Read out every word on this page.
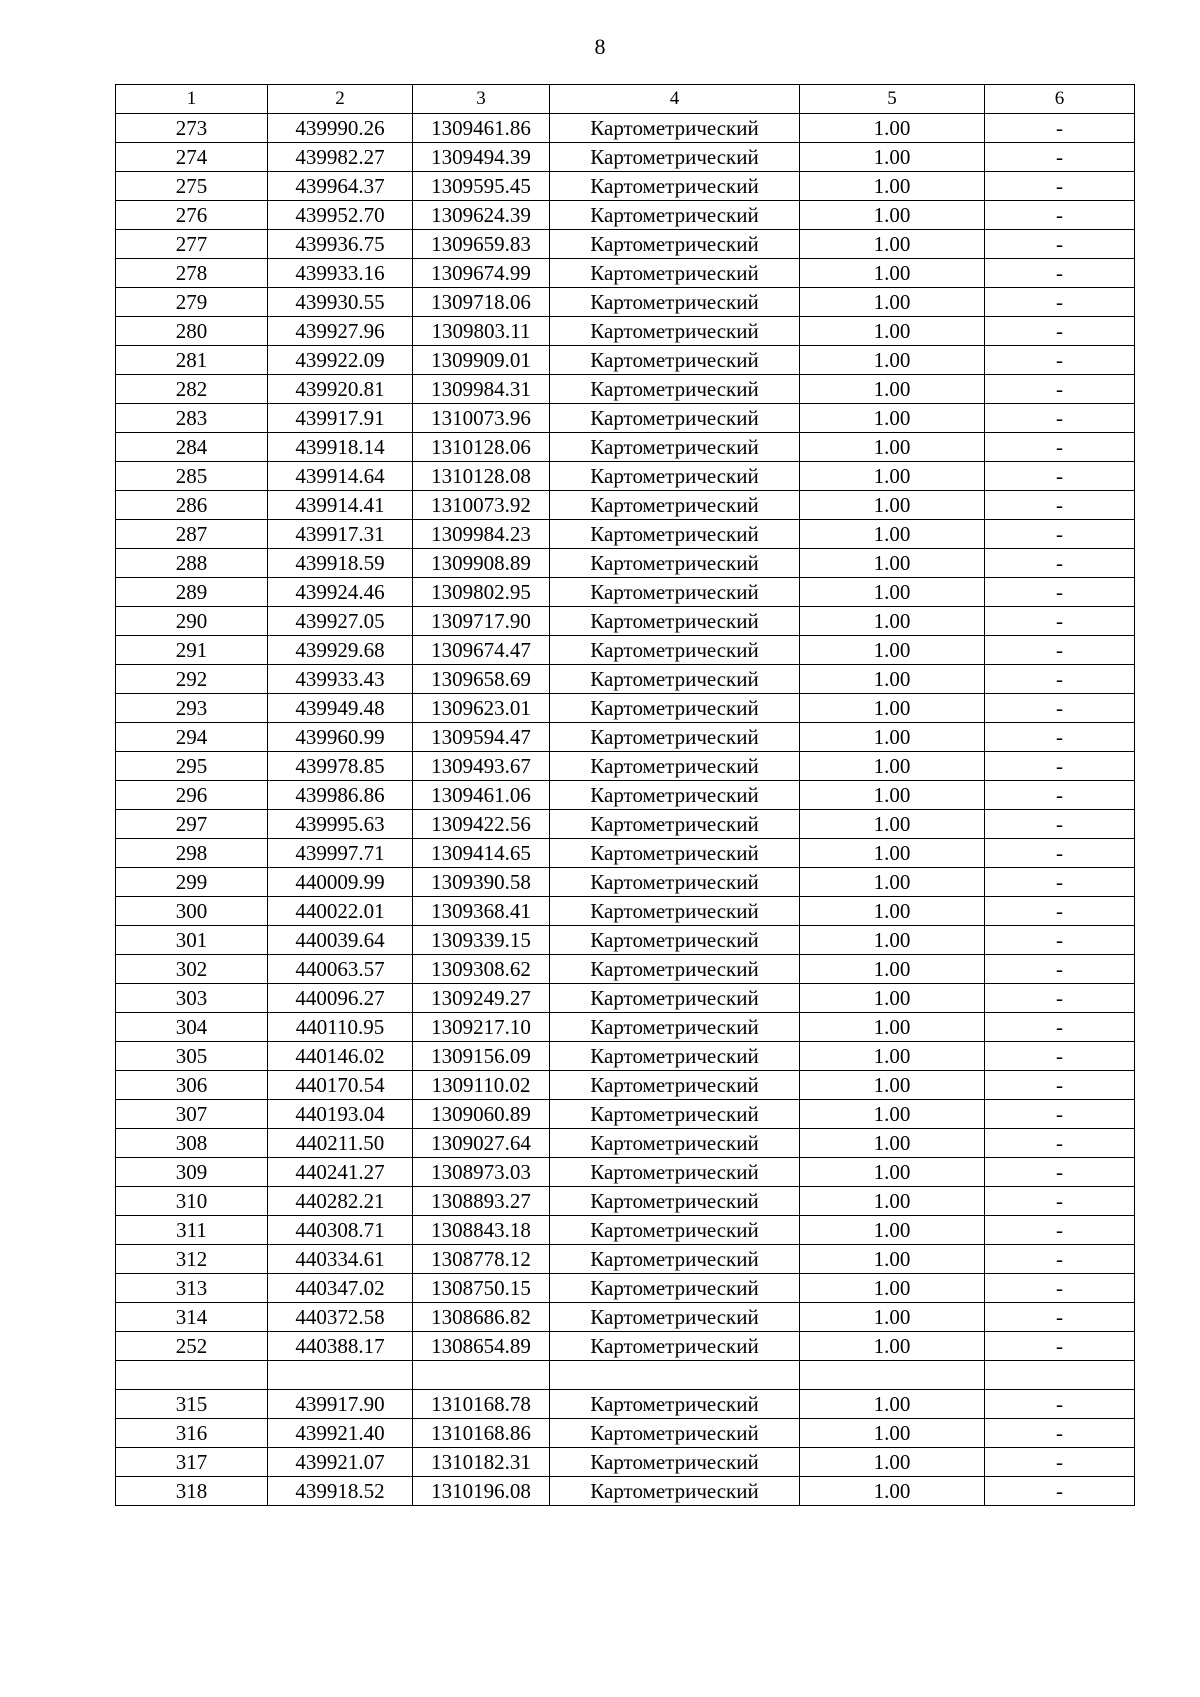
8
1	2	3	4	5	6
273	439990.26	1309461.86	Картометрический	1.00	-
274	439982.27	1309494.39	Картометрический	1.00	-
275	439964.37	1309595.45	Картометрический	1.00	-
276	439952.70	1309624.39	Картометрический	1.00	-
277	439936.75	1309659.83	Картометрический	1.00	-
278	439933.16	1309674.99	Картометрический	1.00	-
279	439930.55	1309718.06	Картометрический	1.00	-
280	439927.96	1309803.11	Картометрический	1.00	-
281	439922.09	1309909.01	Картометрический	1.00	-
282	439920.81	1309984.31	Картометрический	1.00	-
283	439917.91	1310073.96	Картометрический	1.00	-
284	439918.14	1310128.06	Картометрический	1.00	-
285	439914.64	1310128.08	Картометрический	1.00	-
286	439914.41	1310073.92	Картометрический	1.00	-
287	439917.31	1309984.23	Картометрический	1.00	-
288	439918.59	1309908.89	Картометрический	1.00	-
289	439924.46	1309802.95	Картометрический	1.00	-
290	439927.05	1309717.90	Картометрический	1.00	-
291	439929.68	1309674.47	Картометрический	1.00	-
292	439933.43	1309658.69	Картометрический	1.00	-
293	439949.48	1309623.01	Картометрический	1.00	-
294	439960.99	1309594.47	Картометрический	1.00	-
295	439978.85	1309493.67	Картометрический	1.00	-
296	439986.86	1309461.06	Картометрический	1.00	-
297	439995.63	1309422.56	Картометрический	1.00	-
298	439997.71	1309414.65	Картометрический	1.00	-
299	440009.99	1309390.58	Картометрический	1.00	-
300	440022.01	1309368.41	Картометрический	1.00	-
301	440039.64	1309339.15	Картометрический	1.00	-
302	440063.57	1309308.62	Картометрический	1.00	-
303	440096.27	1309249.27	Картометрический	1.00	-
304	440110.95	1309217.10	Картометрический	1.00	-
305	440146.02	1309156.09	Картометрический	1.00	-
306	440170.54	1309110.02	Картометрический	1.00	-
307	440193.04	1309060.89	Картометрический	1.00	-
308	440211.50	1309027.64	Картометрический	1.00	-
309	440241.27	1308973.03	Картометрический	1.00	-
310	440282.21	1308893.27	Картометрический	1.00	-
311	440308.71	1308843.18	Картометрический	1.00	-
312	440334.61	1308778.12	Картометрический	1.00	-
313	440347.02	1308750.15	Картометрический	1.00	-
314	440372.58	1308686.82	Картометрический	1.00	-
252	440388.17	1308654.89	Картометрический	1.00	-

315	439917.90	1310168.78	Картометрический	1.00	-
316	439921.40	1310168.86	Картометрический	1.00	-
317	439921.07	1310182.31	Картометрический	1.00	-
318	439918.52	1310196.08	Картометрический	1.00	-
